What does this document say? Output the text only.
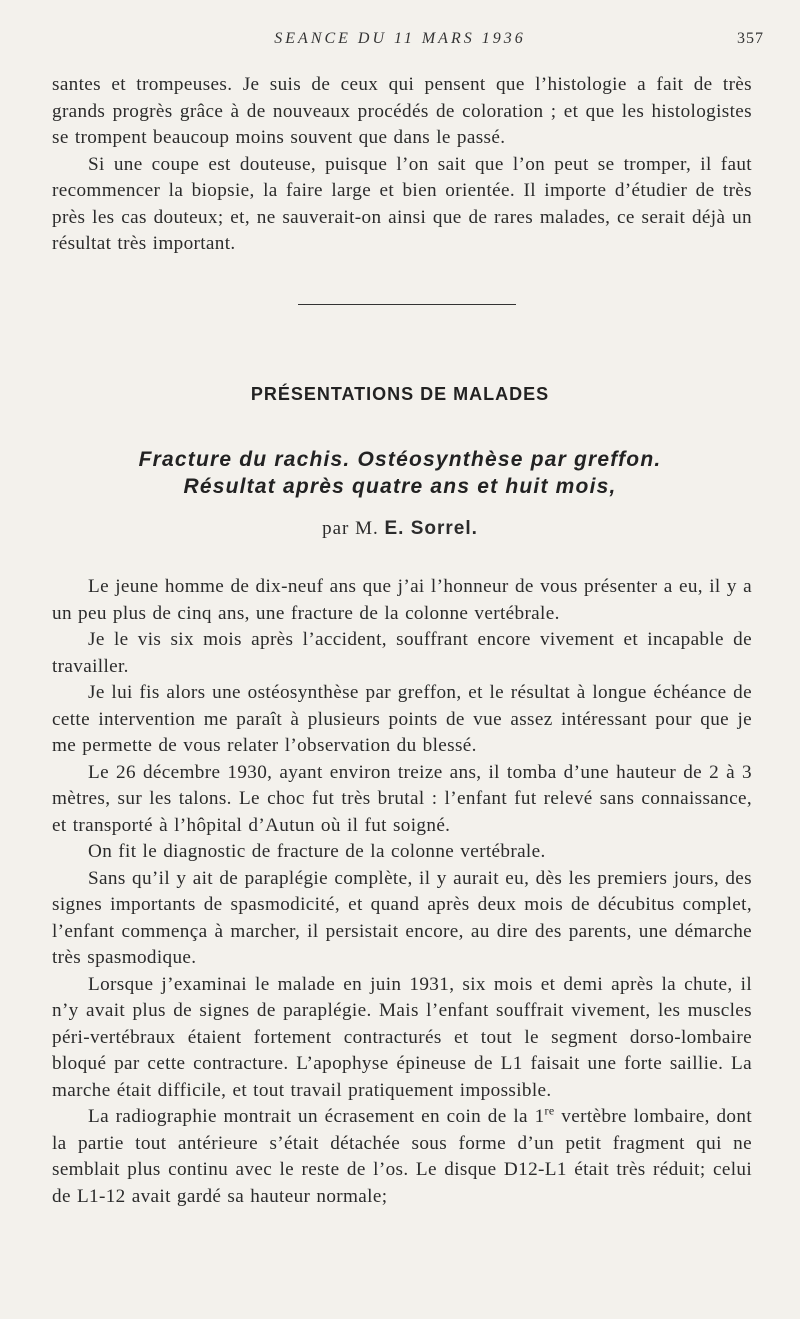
SEANCE DU 11 MARS 1936	357

santes et trompeuses. Je suis de ceux qui pensent que l’histologie a fait de très grands progrès grâce à de nouveaux procédés de coloration ; et que les histologistes se trompent beaucoup moins souvent que dans le passé.

Si une coupe est douteuse, puisque l’on sait que l’on peut se tromper, il faut recommencer la biopsie, la faire large et bien orientée. Il importe d’étudier de très près les cas douteux; et, ne sauverait-on ainsi que de rares malades, ce serait déjà un résultat très important.

PRÉSENTATIONS DE MALADES
Fracture du rachis. Ostéosynthèse par greffon.
Résultat après quatre ans et huit mois,
par M. E. Sorrel.

Le jeune homme de dix-neuf ans que j’ai l’honneur de vous présenter a eu, il y a un peu plus de cinq ans, une fracture de la colonne vertébrale.

Je le vis six mois après l’accident, souffrant encore vivement et incapable de travailler.

Je lui fis alors une ostéosynthèse par greffon, et le résultat à longue échéance de cette intervention me paraît à plusieurs points de vue assez intéressant pour que je me permette de vous relater l’observation du blessé.

Le 26 décembre 1930, ayant environ treize ans, il tomba d’une hauteur de 2 à 3 mètres, sur les talons. Le choc fut très brutal : l’enfant fut relevé sans connaissance, et transporté à l’hôpital d’Autun où il fut soigné.

On fit le diagnostic de fracture de la colonne vertébrale.

Sans qu’il y ait de paraplégie complète, il y aurait eu, dès les premiers jours, des signes importants de spasmodicité, et quand après deux mois de décubitus complet, l’enfant commença à marcher, il persistait encore, au dire des parents, une démarche très spasmodique.

Lorsque j’examinai le malade en juin 1931, six mois et demi après la chute, il n’y avait plus de signes de paraplégie. Mais l’enfant souffrait vivement, les muscles péri-vertébraux étaient fortement contracturés et tout le segment dorso-lombaire bloqué par cette contracture. L’apophyse épineuse de L1 faisait une forte saillie. La marche était difficile, et tout travail pratiquement impossible.

La radiographie montrait un écrasement en coin de la 1re vertèbre lombaire, dont la partie tout antérieure s’était détachée sous forme d’un petit fragment qui ne semblait plus continu avec le reste de l’os. Le disque D12-L1 était très réduit; celui de L1-12 avait gardé sa hauteur normale;
